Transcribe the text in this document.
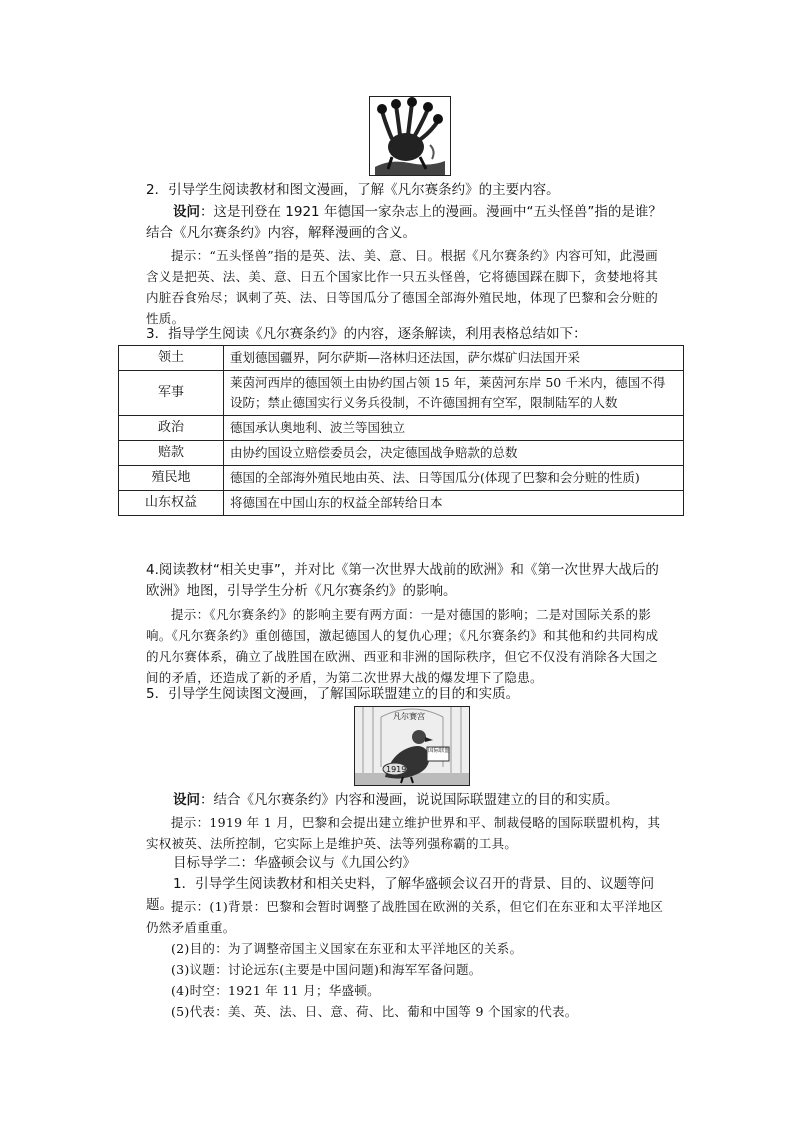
2．引导学生阅读教材和图文漫画，了解《凡尔赛条约》的主要内容。

设问：这是刊登在 1921 年德国一家杂志上的漫画。漫画中“五头怪兽”指的是谁？结合《凡尔赛条约》内容，解释漫画的含义。

提示：“五头怪兽”指的是英、法、美、意、日。根据《凡尔赛条约》内容可知，此漫画含义是把英、法、美、意、日五个国家比作一只五头怪兽，它将德国踩在脚下，贪婪地将其内脏吞食殆尽；讽刺了英、法、日等国瓜分了德国全部海外殖民地，体现了巴黎和会分赃的性质。

3．指导学生阅读《凡尔赛条约》的内容，逐条解读，利用表格总结如下：

领土	重划德国疆界，阿尔萨斯—洛林归还法国，萨尔煤矿归法国开采
军事	莱茵河西岸的德国领土由协约国占领 15 年，莱茵河东岸 50 千米内，德国不得设防；禁止德国实行义务兵役制，不许德国拥有空军，限制陆军的人数
政治	德国承认奥地利、波兰等国独立
赔款	由协约国设立赔偿委员会，决定德国战争赔款的总数
殖民地	德国的全部海外殖民地由英、法、日等国瓜分(体现了巴黎和会分赃的性质)
山东权益	将德国在中国山东的权益全部转给日本

4.阅读教材“相关史事”，并对比《第一次世界大战前的欧洲》和《第一次世界大战后的欧洲》地图，引导学生分析《凡尔赛条约》的影响。

提示：《凡尔赛条约》的影响主要有两方面：一是对德国的影响；二是对国际关系的影响。《凡尔赛条约》重创德国，激起德国人的复仇心理；《凡尔赛条约》和其他和约共同构成的凡尔赛体系，确立了战胜国在欧洲、西亚和非洲的国际秩序，但它不仅没有消除各大国之间的矛盾，还造成了新的矛盾，为第二次世界大战的爆发埋下了隐患。

5．引导学生阅读图文漫画，了解国际联盟建立的目的和实质。

凡尔赛宫
国际联盟
1919

设问：结合《凡尔赛条约》内容和漫画，说说国际联盟建立的目的和实质。

提示：1919 年 1 月，巴黎和会提出建立维护世界和平、制裁侵略的国际联盟机构，其实权被英、法所控制，它实际上是维护英、法等列强称霸的工具。

目标导学二：华盛顿会议与《九国公约》

1．引导学生阅读教材和相关史料，了解华盛顿会议召开的背景、目的、议题等问题。

提示：(1)背景：巴黎和会暂时调整了战胜国在欧洲的关系，但它们在东亚和太平洋地区仍然矛盾重重。

(2)目的：为了调整帝国主义国家在东亚和太平洋地区的关系。

(3)议题：讨论远东(主要是中国问题)和海军军备问题。

(4)时空：1921 年 11 月；华盛顿。

(5)代表：美、英、法、日、意、荷、比、葡和中国等 9 个国家的代表。
